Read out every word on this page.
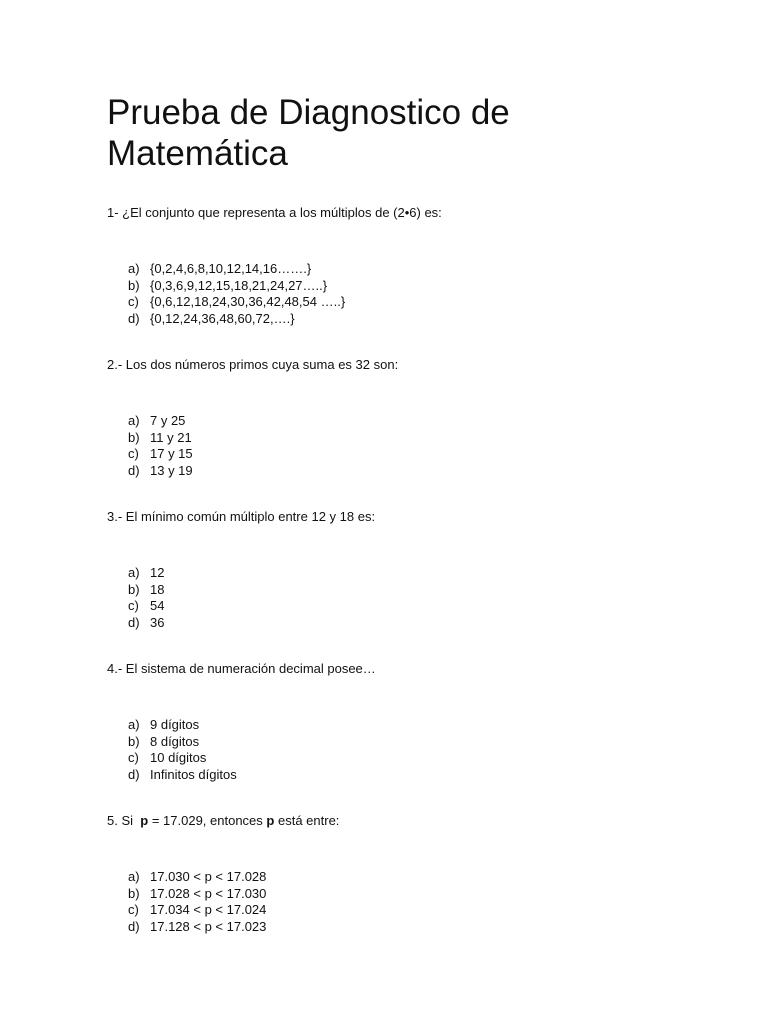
Prueba de Diagnostico de
Matemática

1- ¿El conjunto que representa a los múltiplos de (2•6) es:

a) {0,2,4,6,8,10,12,14,16…….}
b) {0,3,6,9,12,15,18,21,24,27…..}
c) {0,6,12,18,24,30,36,42,48,54 …..}
d) {0,12,24,36,48,60,72,….}

2.- Los dos números primos cuya suma es 32 son:

a) 7 y 25
b) 11 y 21
c) 17 y 15
d) 13 y 19

3.- El mínimo común múltiplo entre 12 y 18 es:

a) 12
b) 18
c) 54
d) 36

4.- El sistema de numeración decimal posee…

a) 9 dígitos
b) 8 dígitos
c) 10 dígitos
d) Infinitos dígitos

5. Si p = 17.029, entonces p está entre:

a) 17.030 < p < 17.028
b) 17.028 < p < 17.030
c) 17.034 < p < 17.024
d) 17.128 < p < 17.023
